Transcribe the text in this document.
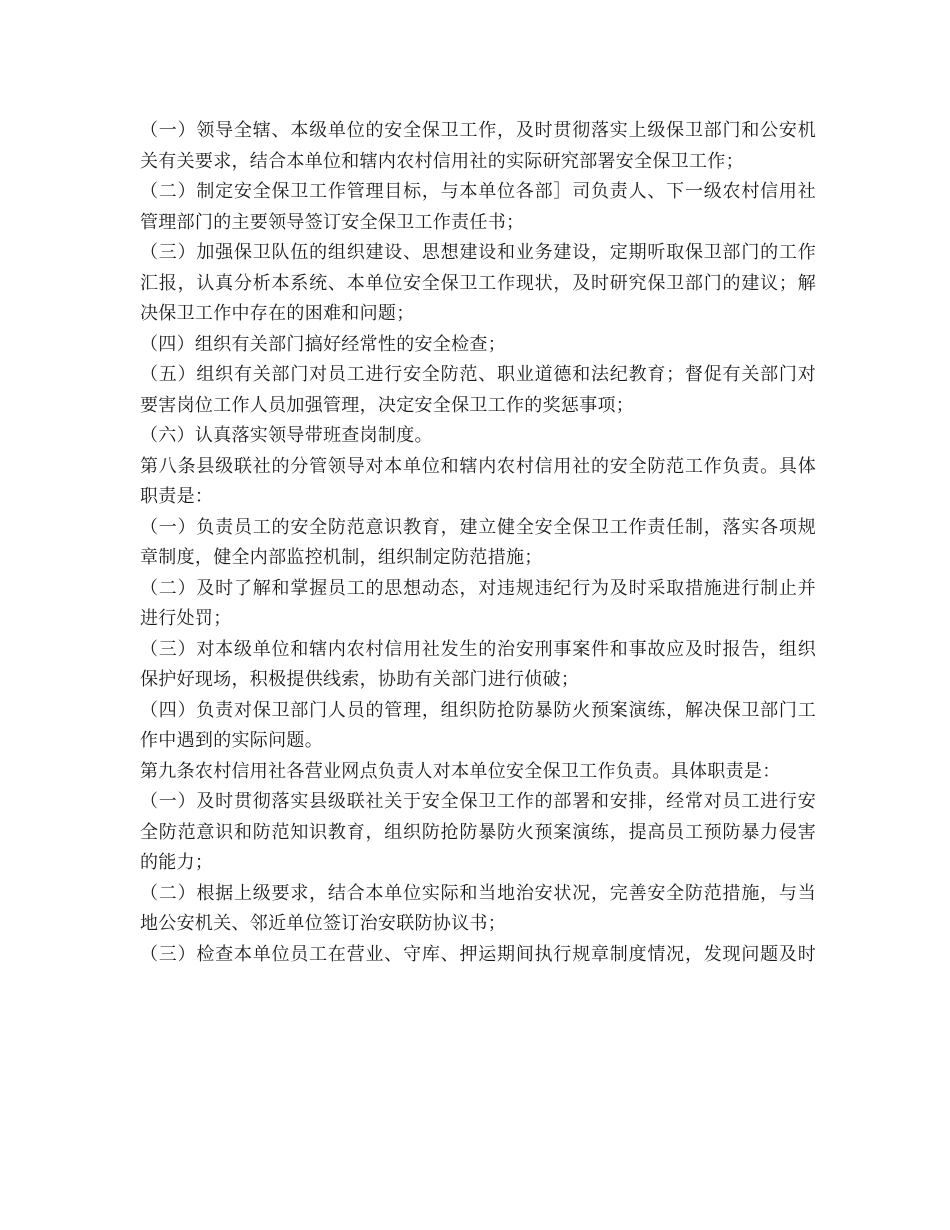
（一）领导全辖、本级单位的安全保卫工作，及时贯彻落实上级保卫部门和公安机
关有关要求，结合本单位和辖内农村信用社的实际研究部署安全保卫工作；
（二）制定安全保卫工作管理目标，与本单位各部］司负责人、下一级农村信用社
管理部门的主要领导签订安全保卫工作责任书；
（三）加强保卫队伍的组织建设、思想建设和业务建设，定期听取保卫部门的工作
汇报，认真分析本系统、本单位安全保卫工作现状，及时研究保卫部门的建议；解
决保卫工作中存在的困难和问题；
（四）组织有关部门搞好经常性的安全检查；
（五）组织有关部门对员工进行安全防范、职业道德和法纪教育；督促有关部门对
要害岗位工作人员加强管理，决定安全保卫工作的奖惩事项；
（六）认真落实领导带班查岗制度。
第八条县级联社的分管领导对本单位和辖内农村信用社的安全防范工作负责。具体
职责是：
（一）负责员工的安全防范意识教育，建立健全安全保卫工作责任制，落实各项规
章制度，健全内部监控机制，组织制定防范措施；
（二）及时了解和掌握员工的思想动态，对违规违纪行为及时采取措施进行制止并
进行处罚；
（三）对本级单位和辖内农村信用社发生的治安刑事案件和事故应及时报告，组织
保护好现场，积极提供线索，协助有关部门进行侦破；
（四）负责对保卫部门人员的管理，组织防抢防暴防火预案演练，解决保卫部门工
作中遇到的实际问题。
第九条农村信用社各营业网点负责人对本单位安全保卫工作负责。具体职责是：
（一）及时贯彻落实县级联社关于安全保卫工作的部署和安排，经常对员工进行安
全防范意识和防范知识教育，组织防抢防暴防火预案演练，提高员工预防暴力侵害
的能力；
（二）根据上级要求，结合本单位实际和当地治安状况，完善安全防范措施，与当
地公安机关、邻近单位签订治安联防协议书；
（三）检查本单位员工在营业、守库、押运期间执行规章制度情况，发现问题及时
